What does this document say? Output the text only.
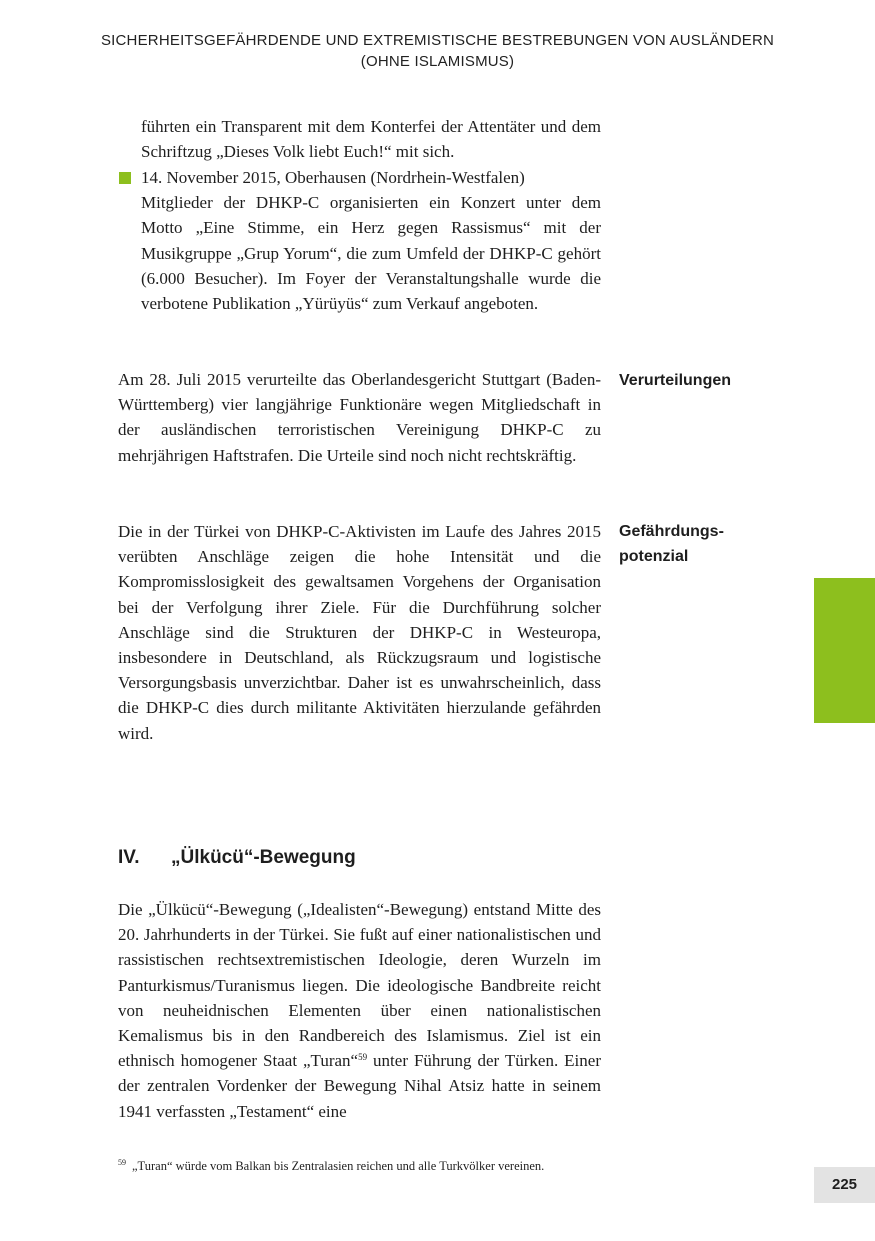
SICHERHEITSGEFÄHRDENDE UND EXTREMISTISCHE BESTREBUNGEN VON AUSLÄNDERN
(OHNE ISLAMISMUS)
führten ein Transparent mit dem Konterfei der Attentäter und dem Schriftzug „Dieses Volk liebt Euch!“ mit sich.
14. November 2015, Oberhausen (Nordrhein-Westfalen)
Mitglieder der DHKP-C organisierten ein Konzert unter dem Motto „Eine Stimme, ein Herz gegen Rassismus“ mit der Musikgruppe „Grup Yorum“, die zum Umfeld der DHKP-C gehört (6.000 Besucher). Im Foyer der Veranstaltungshalle wurde die verbotene Publikation „Yürüyüs“ zum Verkauf angeboten.
Am 28. Juli 2015 verurteilte das Oberlandesgericht Stuttgart (Baden-Württemberg) vier langjährige Funktionäre wegen Mitgliedschaft in der ausländischen terroristischen Vereinigung DHKP-C zu mehrjährigen Haftstrafen. Die Urteile sind noch nicht rechtskräftig.
Verurteilungen
Die in der Türkei von DHKP-C-Aktivisten im Laufe des Jahres 2015 verübten Anschläge zeigen die hohe Intensität und die Kompromisslosigkeit des gewaltsamen Vorgehens der Organisation bei der Verfolgung ihrer Ziele. Für die Durchführung solcher Anschläge sind die Strukturen der DHKP-C in Westeuropa, insbesondere in Deutschland, als Rückzugsraum und logistische Versorgungsbasis unverzichtbar. Daher ist es unwahrscheinlich, dass die DHKP-C dies durch militante Aktivitäten hierzulande gefährden wird.
Gefährdungs-
potenzial
IV. „Ülkücü“-Bewegung
Die „Ülkücü“-Bewegung („Idealisten“-Bewegung) entstand Mitte des 20. Jahrhunderts in der Türkei. Sie fußt auf einer nationalistischen und rassistischen rechtsextremistischen Ideologie, deren Wurzeln im Panturkismus/Turanismus liegen. Die ideologische Bandbreite reicht von neuheidnischen Elementen über einen nationalistischen Kemalismus bis in den Randbereich des Islamismus. Ziel ist ein ethnisch homogener Staat „Turan“$^{59}$ unter Führung der Türken. Einer der zentralen Vordenker der Bewegung Nihal Atsiz hatte in seinem 1941 verfassten „Testament“ eine
$^{59}$ „Turan“ würde vom Balkan bis Zentralasien reichen und alle Turkvölker vereinen.
225
